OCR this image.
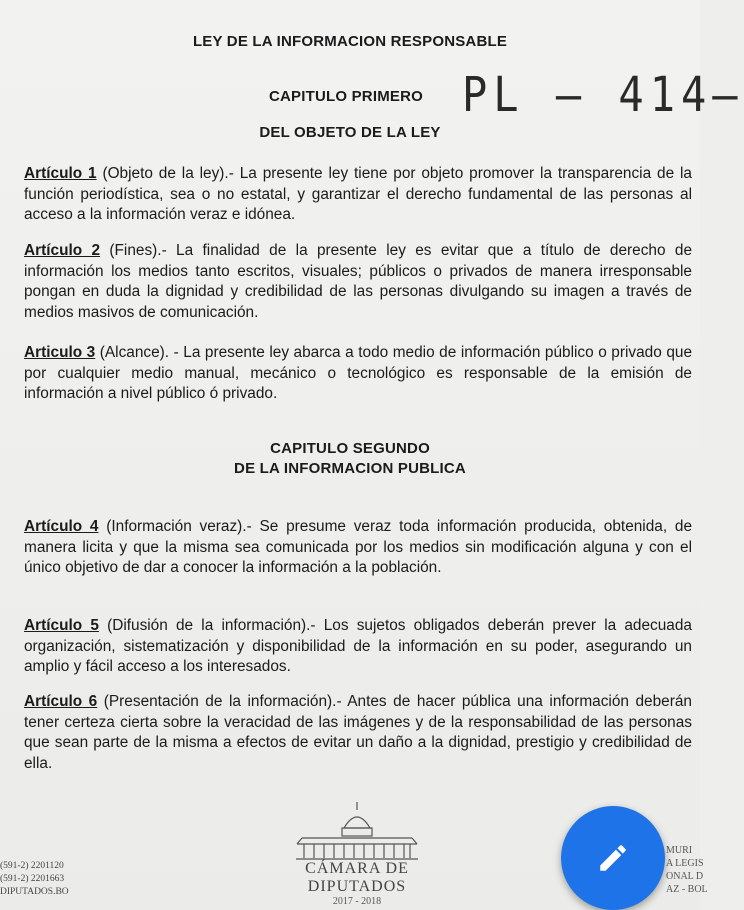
LEY DE LA INFORMACION RESPONSABLE
CAPITULO PRIMERO PL – 414–
DEL OBJETO DE LA LEY
Artículo 1 (Objeto de la ley).- La presente ley tiene por objeto promover la transparencia de la función periodística, sea o no estatal, y garantizar el derecho fundamental de las personas al acceso a la información veraz e idónea.
Artículo 2 (Fines).- La finalidad de la presente ley es evitar que a título de derecho de información los medios tanto escritos, visuales; públicos o privados de manera irresponsable pongan en duda la dignidad y credibilidad de las personas divulgando su imagen a través de medios masivos de comunicación.
Articulo 3 (Alcance). - La presente ley abarca a todo medio de información público o privado que por cualquier medio manual, mecánico o tecnológico es responsable de la emisión de información a nivel público ó privado.
CAPITULO SEGUNDO
DE LA INFORMACION PUBLICA
Artículo 4 (Información veraz).- Se presume veraz toda información producida, obtenida, de manera licita y que la misma sea comunicada por los medios sin modificación alguna y con el único objetivo de dar a conocer la información a la población.
Artículo 5 (Difusión de la información).- Los sujetos obligados deberán prever la adecuada organización, sistematización y disponibilidad de la información en su poder, asegurando un amplio y fácil acceso a los interesados.
Artículo 6 (Presentación de la información).- Antes de hacer pública una información deberán tener certeza cierta sobre la veracidad de las imágenes y de la responsabilidad de las personas que sean parte de la misma a efectos de evitar un daño a la dignidad, prestigio y credibilidad de ella.
(591-2) 2201120
(591-2) 2201663
DIPUTADOS.BO
CÁMARA DE DIPUTADOS
2017 - 2018
MURI
A LEGIS
ONAL D
AZ - BOL
